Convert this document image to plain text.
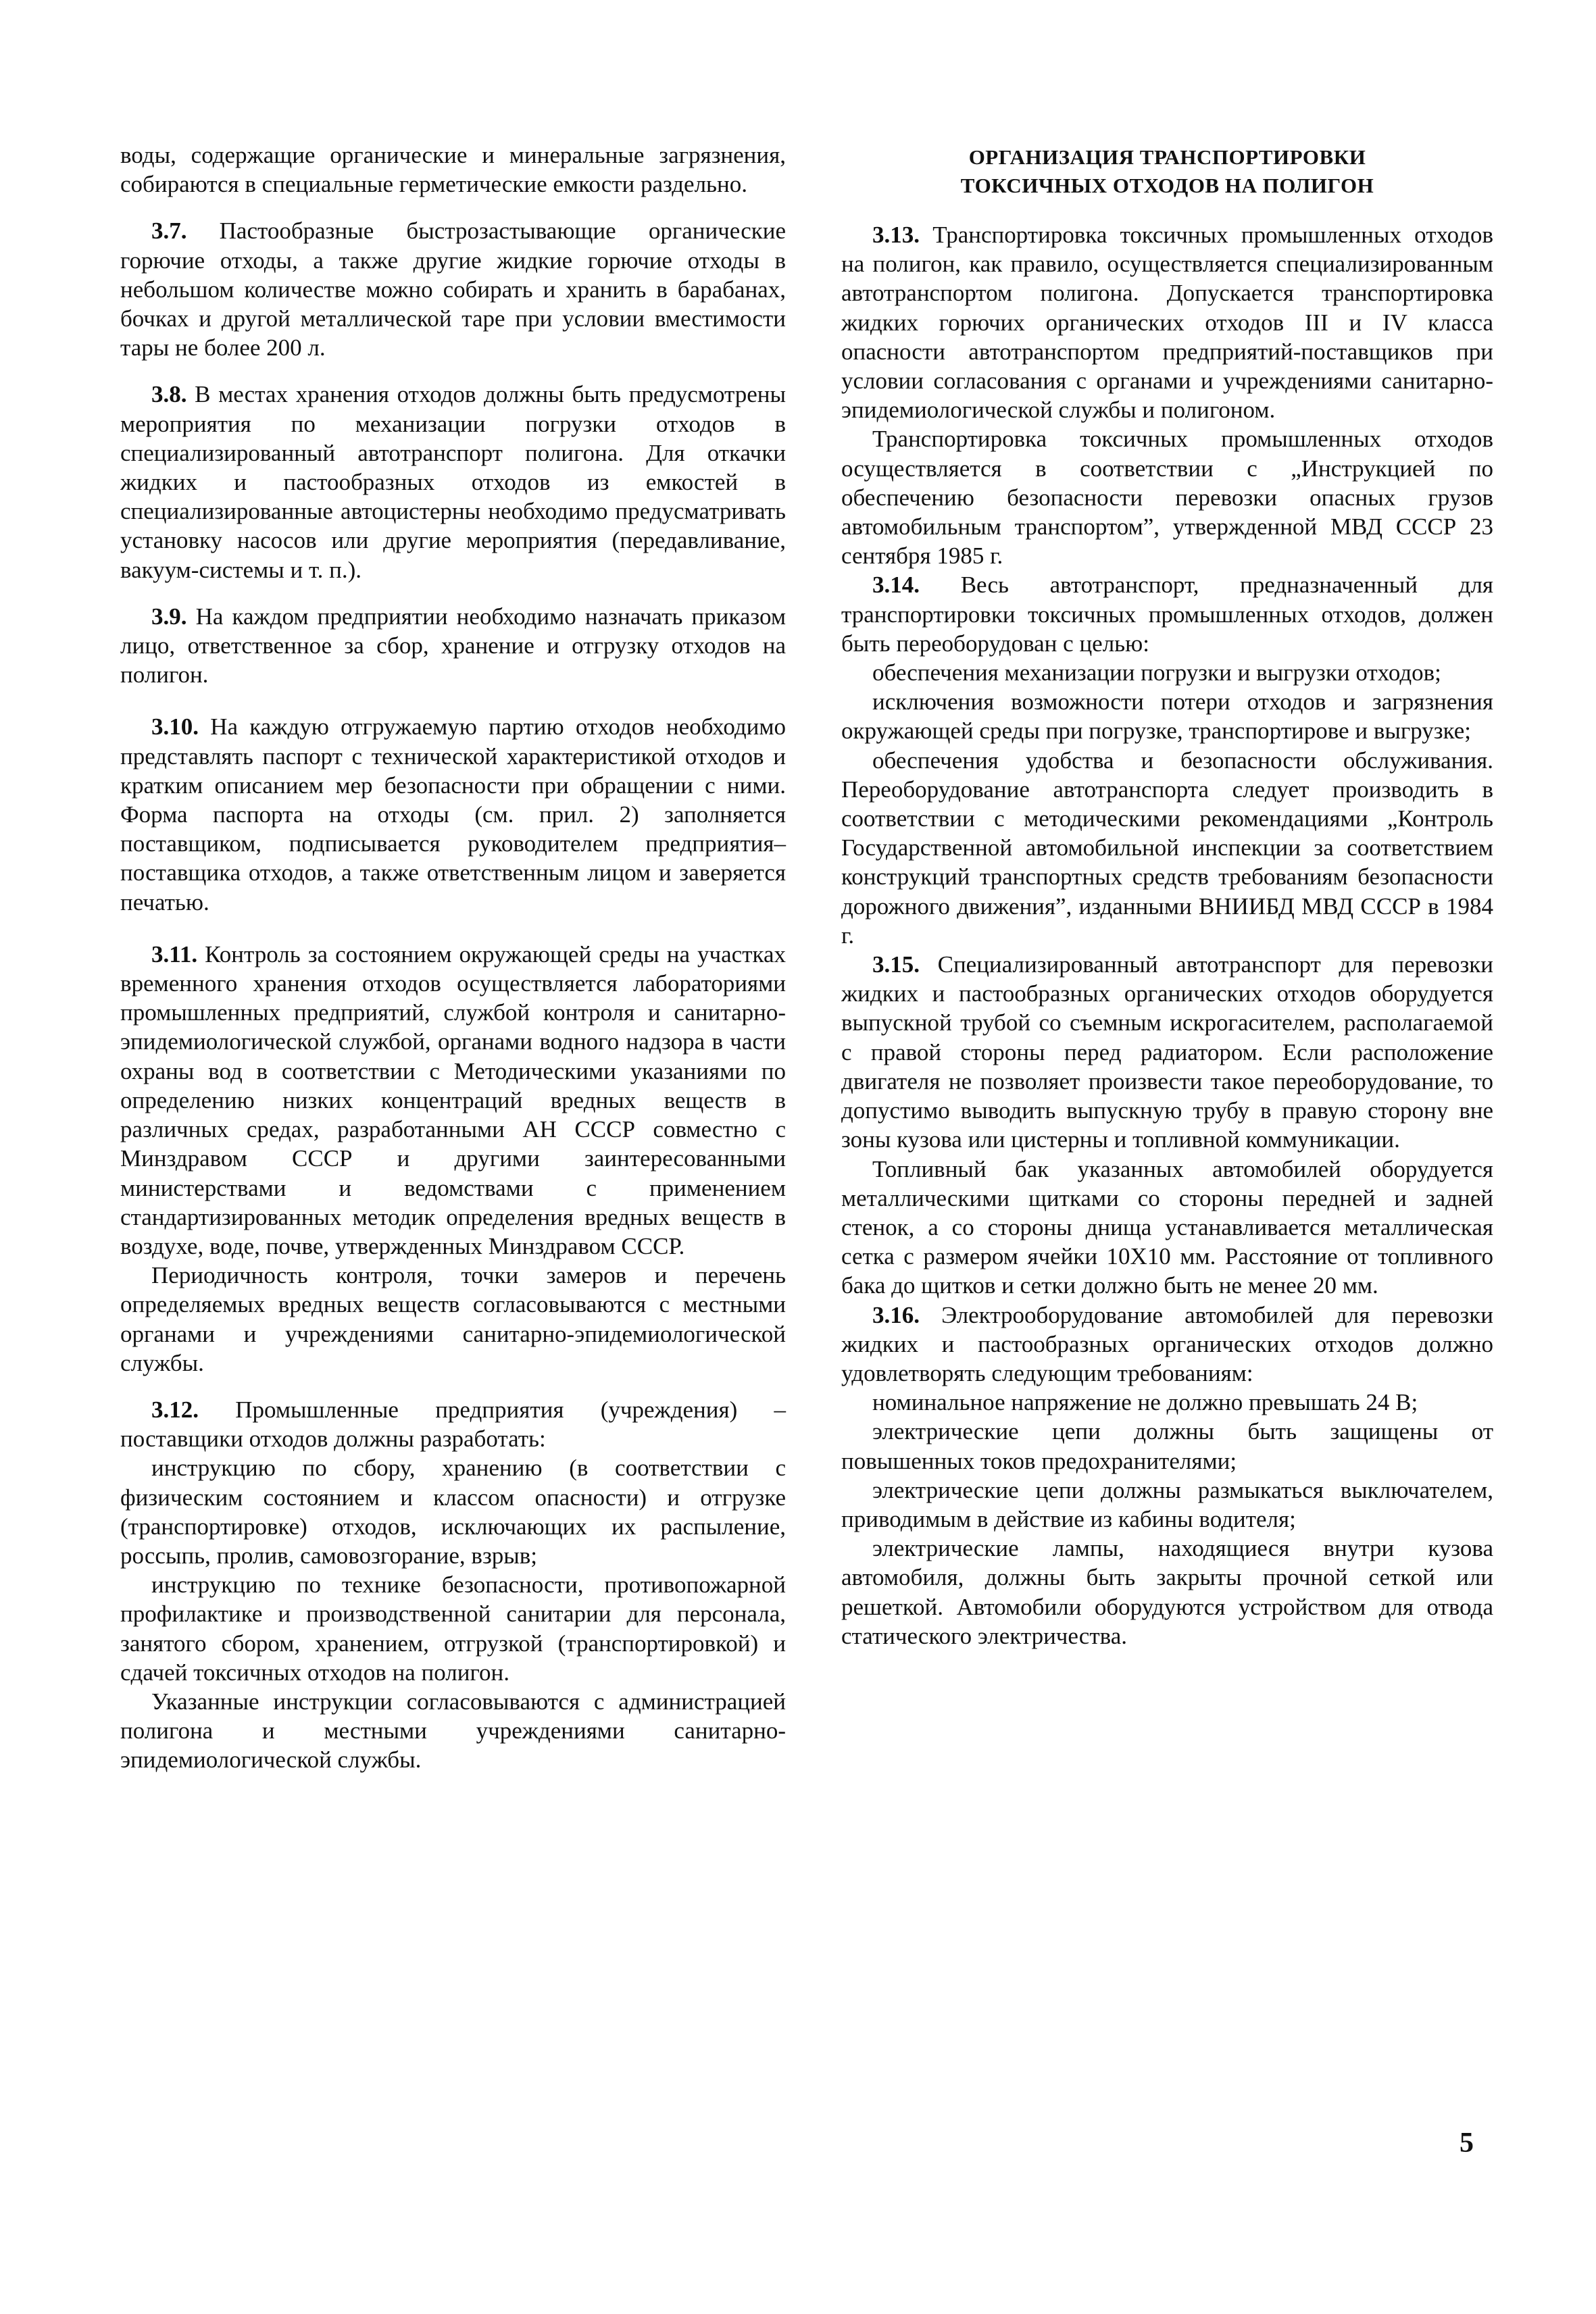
воды, содержащие органические и минеральные загрязнения, собираются в специальные герметические емкости раздельно.

3.7. Пастообразные быстрозастывающие органические горючие отходы, а также другие жидкие горючие отходы в небольшом количестве можно собирать и хранить в барабанах, бочках и другой металлической таре при условии вместимости тары не более 200 л.

3.8. В местах хранения отходов должны быть предусмотрены мероприятия по механизации погрузки отходов в специализированный автотранспорт полигона. Для откачки жидких и пастообразных отходов из емкостей в специализированные автоцистерны необходимо предусматривать установку насосов или другие мероприятия (передавливание, вакуум-системы и т. п.).

3.9. На каждом предприятии необходимо назначать приказом лицо, ответственное за сбор, хранение и отгрузку отходов на полигон.

3.10. На каждую отгружаемую партию отходов необходимо представлять паспорт с технической характеристикой отходов и кратким описанием мер безопасности при обращении с ними. Форма паспорта на отходы (см. прил. 2) заполняется поставщиком, подписывается руководителем предприятия–поставщика отходов, а также ответственным лицом и заверяется печатью.

3.11. Контроль за состоянием окружающей среды на участках временного хранения отходов осуществляется лабораториями промышленных предприятий, службой контроля и санитарно-эпидемиологической службой, органами водного надзора в части охраны вод в соответствии с Методическими указаниями по определению низких концентраций вредных веществ в различных средах, разработанными АН СССР совместно с Минздравом СССР и другими заинтересованными министерствами и ведомствами с применением стандартизированных методик определения вредных веществ в воздухе, воде, почве, утвержденных Минздравом СССР.

Периодичность контроля, точки замеров и перечень определяемых вредных веществ согласовываются с местными органами и учреждениями санитарно-эпидемиологической службы.

3.12. Промышленные предприятия (учреждения) – поставщики отходов должны разработать:

инструкцию по сбору, хранению (в соответствии с физическим состоянием и классом опасности) и отгрузке (транспортировке) отходов, исключающих их распыление, россыпь, пролив, самовозгорание, взрыв;

инструкцию по технике безопасности, противопожарной профилактике и производственной санитарии для персонала, занятого сбором, хранением, отгрузкой (транспортировкой) и сдачей токсичных отходов на полигон.

Указанные инструкции согласовываются с администрацией полигона и местными учреждениями санитарно-эпидемиологической службы.

ОРГАНИЗАЦИЯ ТРАНСПОРТИРОВКИ
ТОКСИЧНЫХ ОТХОДОВ НА ПОЛИГОН

3.13. Транспортировка токсичных промышленных отходов на полигон, как правило, осуществляется специализированным автотранспортом полигона. Допускается транспортировка жидких горючих органических отходов III и IV класса опасности автотранспортом предприятий-поставщиков при условии согласования с органами и учреждениями санитарно-эпидемиологической службы и полигоном.

Транспортировка токсичных промышленных отходов осуществляется в соответствии с „Инструкцией по обеспечению безопасности перевозки опасных грузов автомобильным транспортом”, утвержденной МВД СССР 23 сентября 1985 г.

3.14. Весь автотранспорт, предназначенный для транспортировки токсичных промышленных отходов, должен быть переоборудован с целью:

обеспечения механизации погрузки и выгрузки отходов;

исключения возможности потери отходов и загрязнения окружающей среды при погрузке, транспортирове и выгрузке;

обеспечения удобства и безопасности обслуживания. Переоборудование автотранспорта следует производить в соответствии с методическими рекомендациями „Контроль Государственной автомобильной инспекции за соответствием конструкций транспортных средств требованиям безопасности дорожного движения”, изданными ВНИИБД МВД СССР в 1984 г.

3.15. Специализированный автотранспорт для перевозки жидких и пастообразных органических отходов оборудуется выпускной трубой со съемным искрогасителем, располагаемой с правой стороны перед радиатором. Если расположение двигателя не позволяет произвести такое переоборудование, то допустимо выводить выпускную трубу в правую сторону вне зоны кузова или цистерны и топливной коммуникации.

Топливный бак указанных автомобилей оборудуется металлическими щитками со стороны передней и задней стенок, а со стороны днища устанавливается металлическая сетка с размером ячейки 10Х10 мм. Расстояние от топливного бака до щитков и сетки должно быть не менее 20 мм.

3.16. Электрооборудование автомобилей для перевозки жидких и пастообразных органических отходов должно удовлетворять следующим требованиям:

номинальное напряжение не должно превышать 24 В;

электрические цепи должны быть защищены от повышенных токов предохранителями;

электрические цепи должны размыкаться выключателем, приводимым в действие из кабины водителя;

электрические лампы, находящиеся внутри кузова автомобиля, должны быть закрыты прочной сеткой или решеткой. Автомобили оборудуются устройством для отвода статического электричества.

5
